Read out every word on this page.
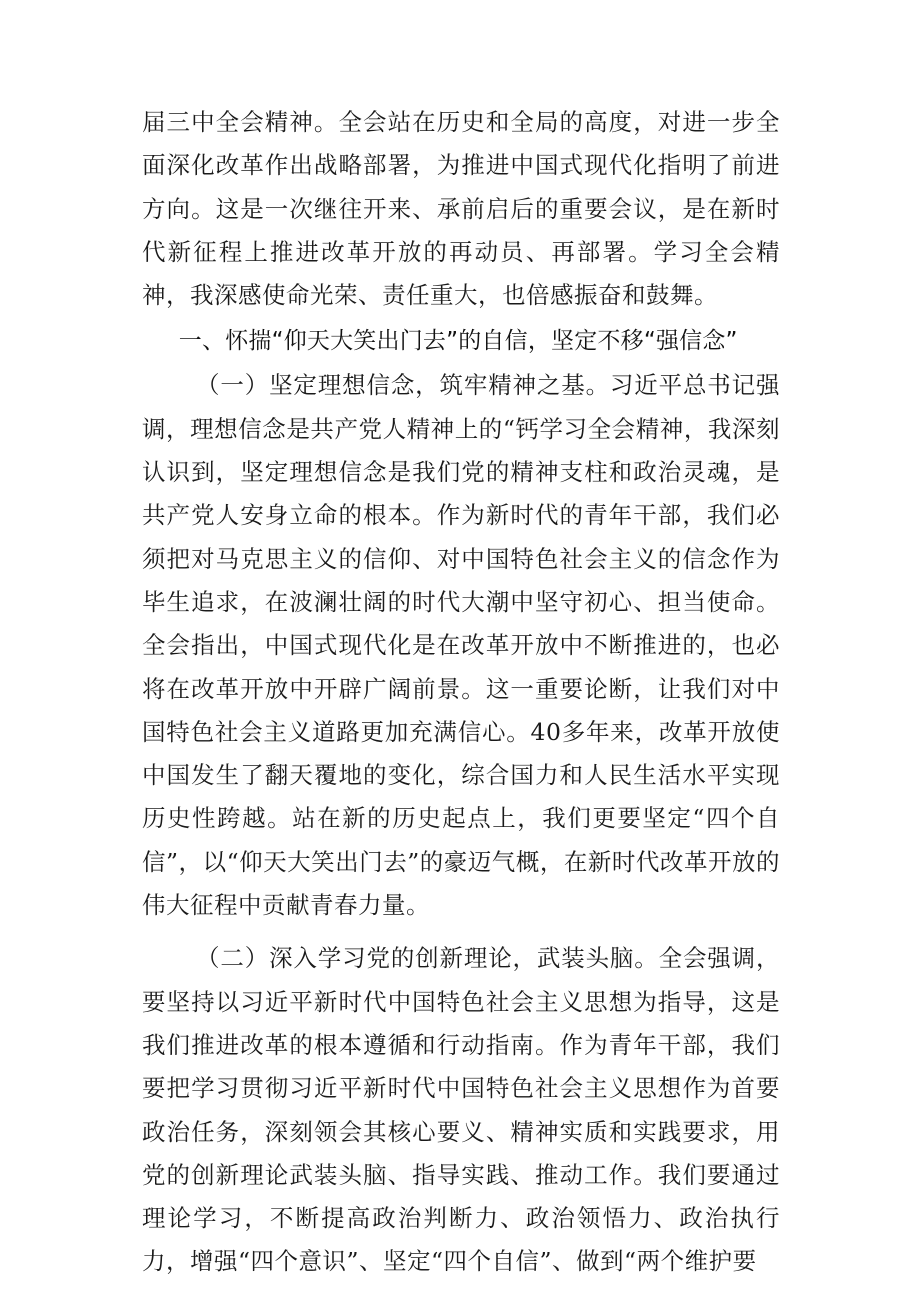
届三中全会精神。全会站在历史和全局的高度，对进一步全面深化改革作出战略部署，为推进中国式现代化指明了前进方向。这是一次继往开来、承前启后的重要会议，是在新时代新征程上推进改革开放的再动员、再部署。学习全会精神，我深感使命光荣、责任重大，也倍感振奋和鼓舞。

一、怀揣“仰天大笑出门去”的自信，坚定不移“强信念”

（一）坚定理想信念，筑牢精神之基。习近平总书记强调，理想信念是共产党人精神上的“钙学习全会精神，我深刻认识到，坚定理想信念是我们党的精神支柱和政治灵魂，是共产党人安身立命的根本。作为新时代的青年干部，我们必须把对马克思主义的信仰、对中国特色社会主义的信念作为毕生追求，在波澜壮阔的时代大潮中坚守初心、担当使命。全会指出，中国式现代化是在改革开放中不断推进的，也必将在改革开放中开辟广阔前景。这一重要论断，让我们对中国特色社会主义道路更加充满信心。40多年来，改革开放使中国发生了翻天覆地的变化，综合国力和人民生活水平实现历史性跨越。站在新的历史起点上，我们更要坚定“四个自信”，以“仰天大笑出门去”的豪迈气概，在新时代改革开放的伟大征程中贡献青春力量。

（二）深入学习党的创新理论，武装头脑。全会强调，要坚持以习近平新时代中国特色社会主义思想为指导，这是我们推进改革的根本遵循和行动指南。作为青年干部，我们要把学习贯彻习近平新时代中国特色社会主义思想作为首要政治任务，深刻领会其核心要义、精神实质和实践要求，用党的创新理论武装头脑、指导实践、推动工作。我们要通过理论学习，不断提高政治判断力、政治领悟力、政治执行力，增强“四个意识”、坚定“四个自信”、做到“两个维护要
